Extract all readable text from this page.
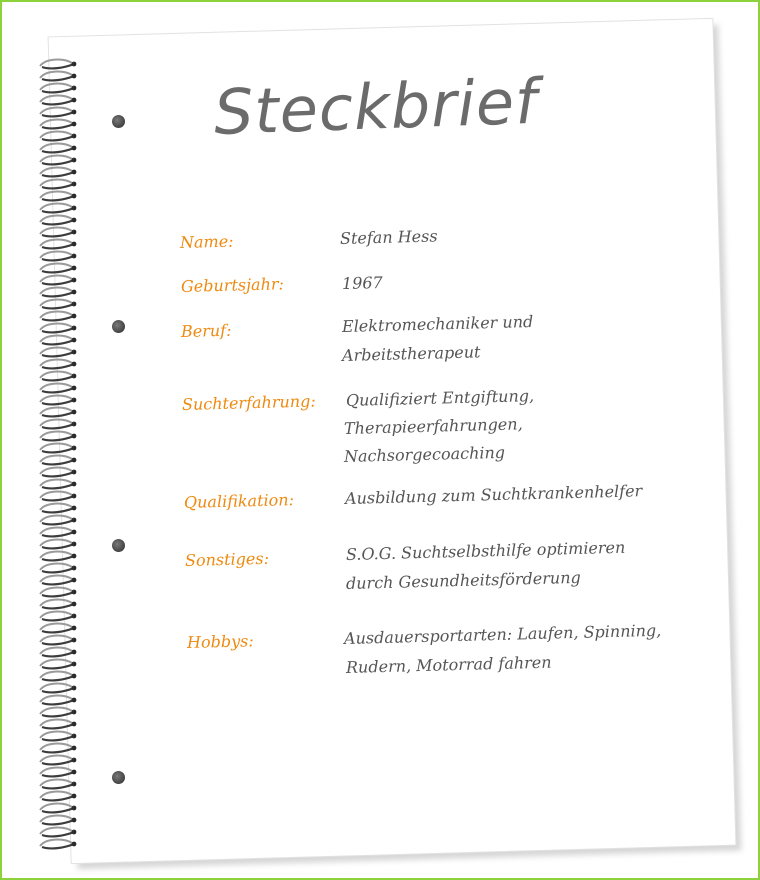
Steckbrief
Name:	Stefan Hess
Geburtsjahr:	1967
Beruf:	Elektromechaniker und
Arbeitstherapeut
Suchterfahrung: Qualifiziert Entgiftung,
Therapieerfahrungen,
Nachsorgecoaching
Qualifikation:	Ausbildung zum Suchtkrankenhelfer
Sonstiges:	S.O.G. Suchtselbsthilfe optimieren
durch Gesundheitsförderung
Hobbys:	Ausdauersportarten: Laufen, Spinning,
Rudern, Motorrad fahren
